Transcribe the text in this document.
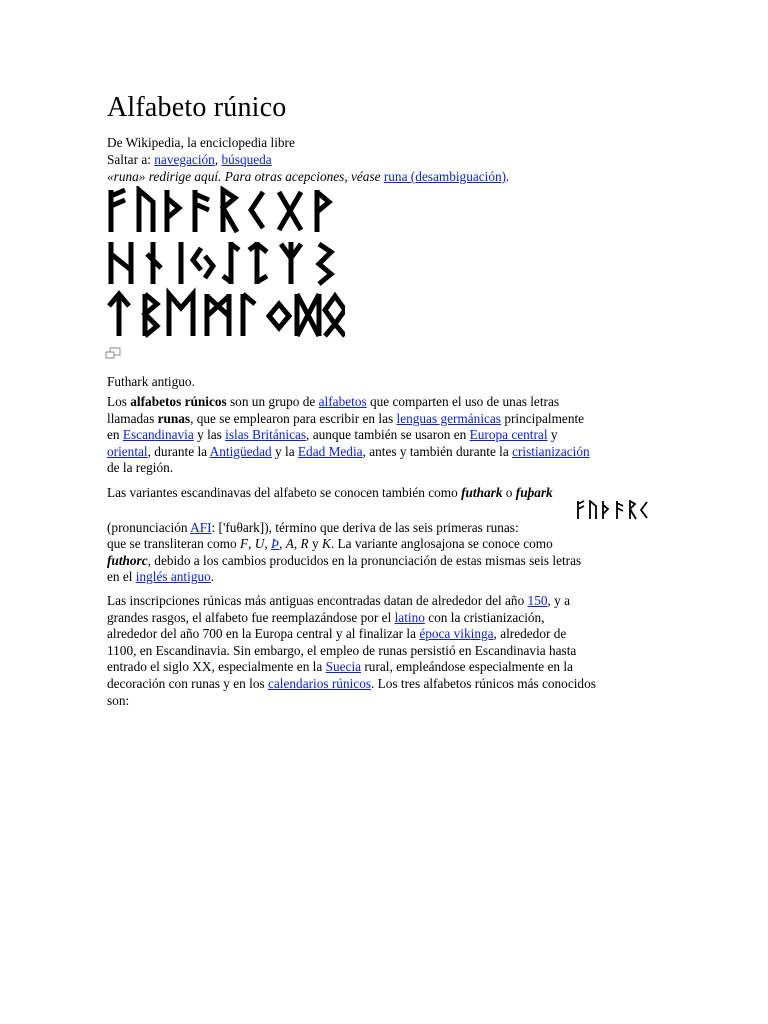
Alfabeto rúnico
De Wikipedia, la enciclopedia libre
Saltar a: navegación, búsqueda
«runa» redirige aquí. Para otras acepciones, véase runa (desambiguación).
Futhark antiguo.
Los alfabetos rúnicos son un grupo de alfabetos que comparten el uso de unas letras
llamadas runas, que se emplearon para escribir en las lenguas germánicas principalmente
en Escandinavia y las islas Británicas, aunque también se usaron en Europa central y
oriental, durante la Antigüedad y la Edad Media, antes y también durante la cristianización
de la región.
Las variantes escandinavas del alfabeto se conocen también como futhark o fuþark
(pronunciación AFI: ['fuθark]), término que deriva de las seis primeras runas:
que se transliteran como F, U, Þ, A, R y K. La variante anglosajona se conoce como
futhorc, debido a los cambios producidos en la pronunciación de estas mismas seis letras
en el inglés antiguo.
Las inscripciones rúnicas más antiguas encontradas datan de alrededor del año 150, y a
grandes rasgos, el alfabeto fue reemplazándose por el latino con la cristianización,
alrededor del año 700 en la Europa central y al finalizar la época vikinga, alrededor de
1100, en Escandinavia. Sin embargo, el empleo de runas persistió en Escandinavia hasta
entrado el siglo XX, especialmente en la Suecia rural, empleándose especialmente en la
decoración con runas y en los calendarios rúnicos. Los tres alfabetos rúnicos más conocidos
son:
